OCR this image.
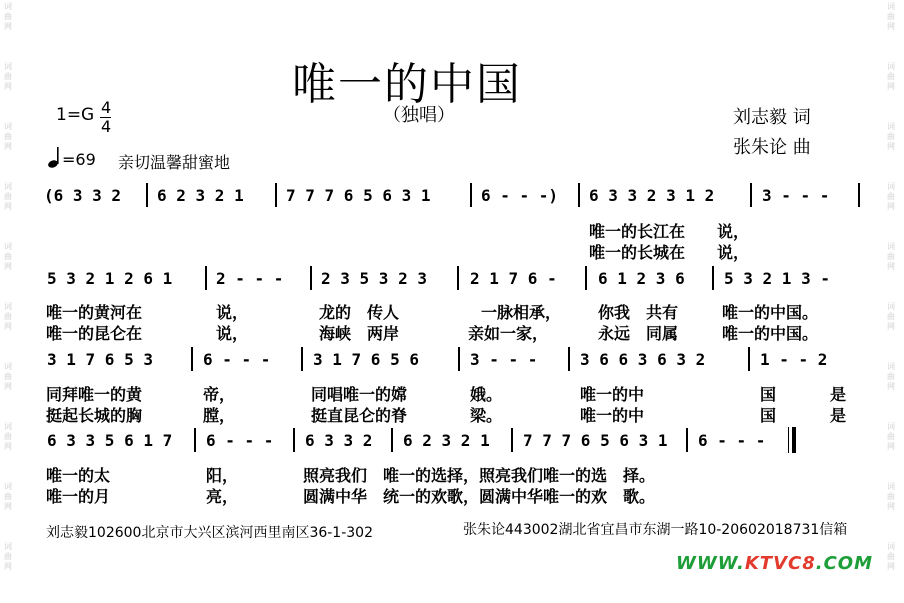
词
曲
网
词
曲
网
词
曲
网
词
曲
网
词
曲
网
词
曲
网
词
曲
网
词
曲
网
词
曲
网
词
曲
网
词
曲
网
词
曲
网
词
曲
网
词
曲
网
词
曲
网
词
曲
网
词
曲
网
词
曲
网
词
曲
网
词
曲
网
唯一的中国
（独唱）	刘志毅 词
张朱论 曲
1=G 4
4
=69 亲切温馨甜蜜地
(6 3 3 2 6 2 3 2 1	7 7 7 6 5 6 3 1	6 - - -) 6 3 3 2 3 1 2	3 - - -
唯一的长江在　　说，
唯一的长城在　　说，
5 3 2 1 2 6 1	2 - - - 2 3 5 3 2 3	2 1 7 6 -	6 1 2 3 6 5 3 2 1 3 -
唯一的黄河在	说，	龙的　传人	一脉相承， 你我　共有	唯一的中国。
唯一的昆仑在	说，	海峡　两岸	亲如一家，	永远　同属	唯一的中国。
3 1 7 6 5 3	6 - - -	3 1 7 6 5 6	3 - - -	3 6 6 3 6 3 2	1 - - 2
同拜唯一的黄	帝，	同唱唯一的嫦	娥。	唯一的中	国	是
挺起长城的胸	膛，	挺直昆仑的脊	梁。	唯一的中	国	是
6 3 3 5 6 1 7 6 - - - 6 3 3 2 6 2 3 2 1 7 7 7 6 5 6 3 1 6 - - -
唯一的太	阳，	照亮我们　唯一的选择，照亮我们唯一的选　择。
唯一的月	亮，	圆满中华　统一的欢歌，圆满中华唯一的欢　歌。
刘志毅102600北京市大兴区滨河西里南区36-1-302	张朱论443002湖北省宜昌市东湖一路10-20602018731信箱
WWW.KTVC8.COM
